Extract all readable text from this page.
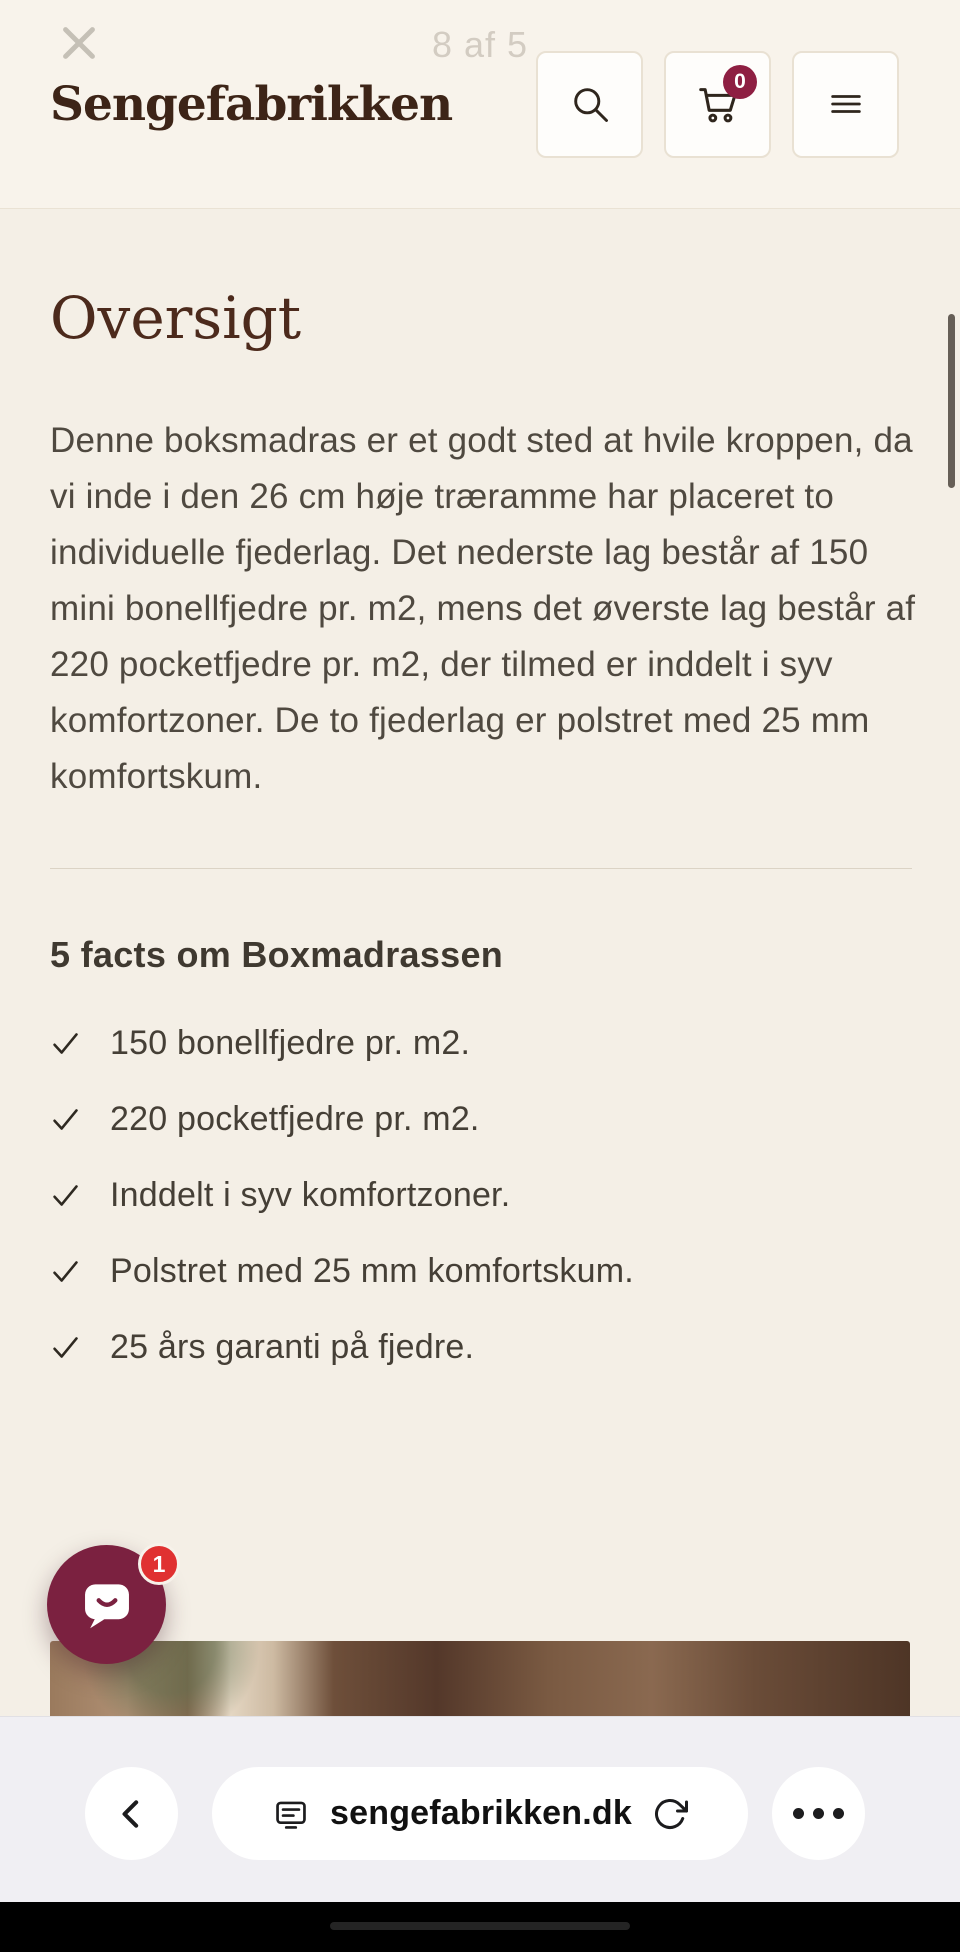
8 af 5
Sengefabrikken	0
Oversigt

Denne boksmadras er et godt sted at hvile kroppen, da vi inde i den 26 cm høje træramme har placeret to individuelle fjederlag. Det nederste lag består af 150 mini bonellfjedre pr. m2, mens det øverste lag består af 220 pocketfjedre pr. m2, der tilmed er inddelt i syv komfortzoner. De to fjederlag er polstret med 25 mm komfortskum.

5 facts om Boxmadrassen
150 bonellfjedre pr. m2.
220 pocketfjedre pr. m2.
Inddelt i syv komfortzoner.
Polstret med 25 mm komfortskum.
25 års garanti på fjedre.
1
sengefabrikken.dk
